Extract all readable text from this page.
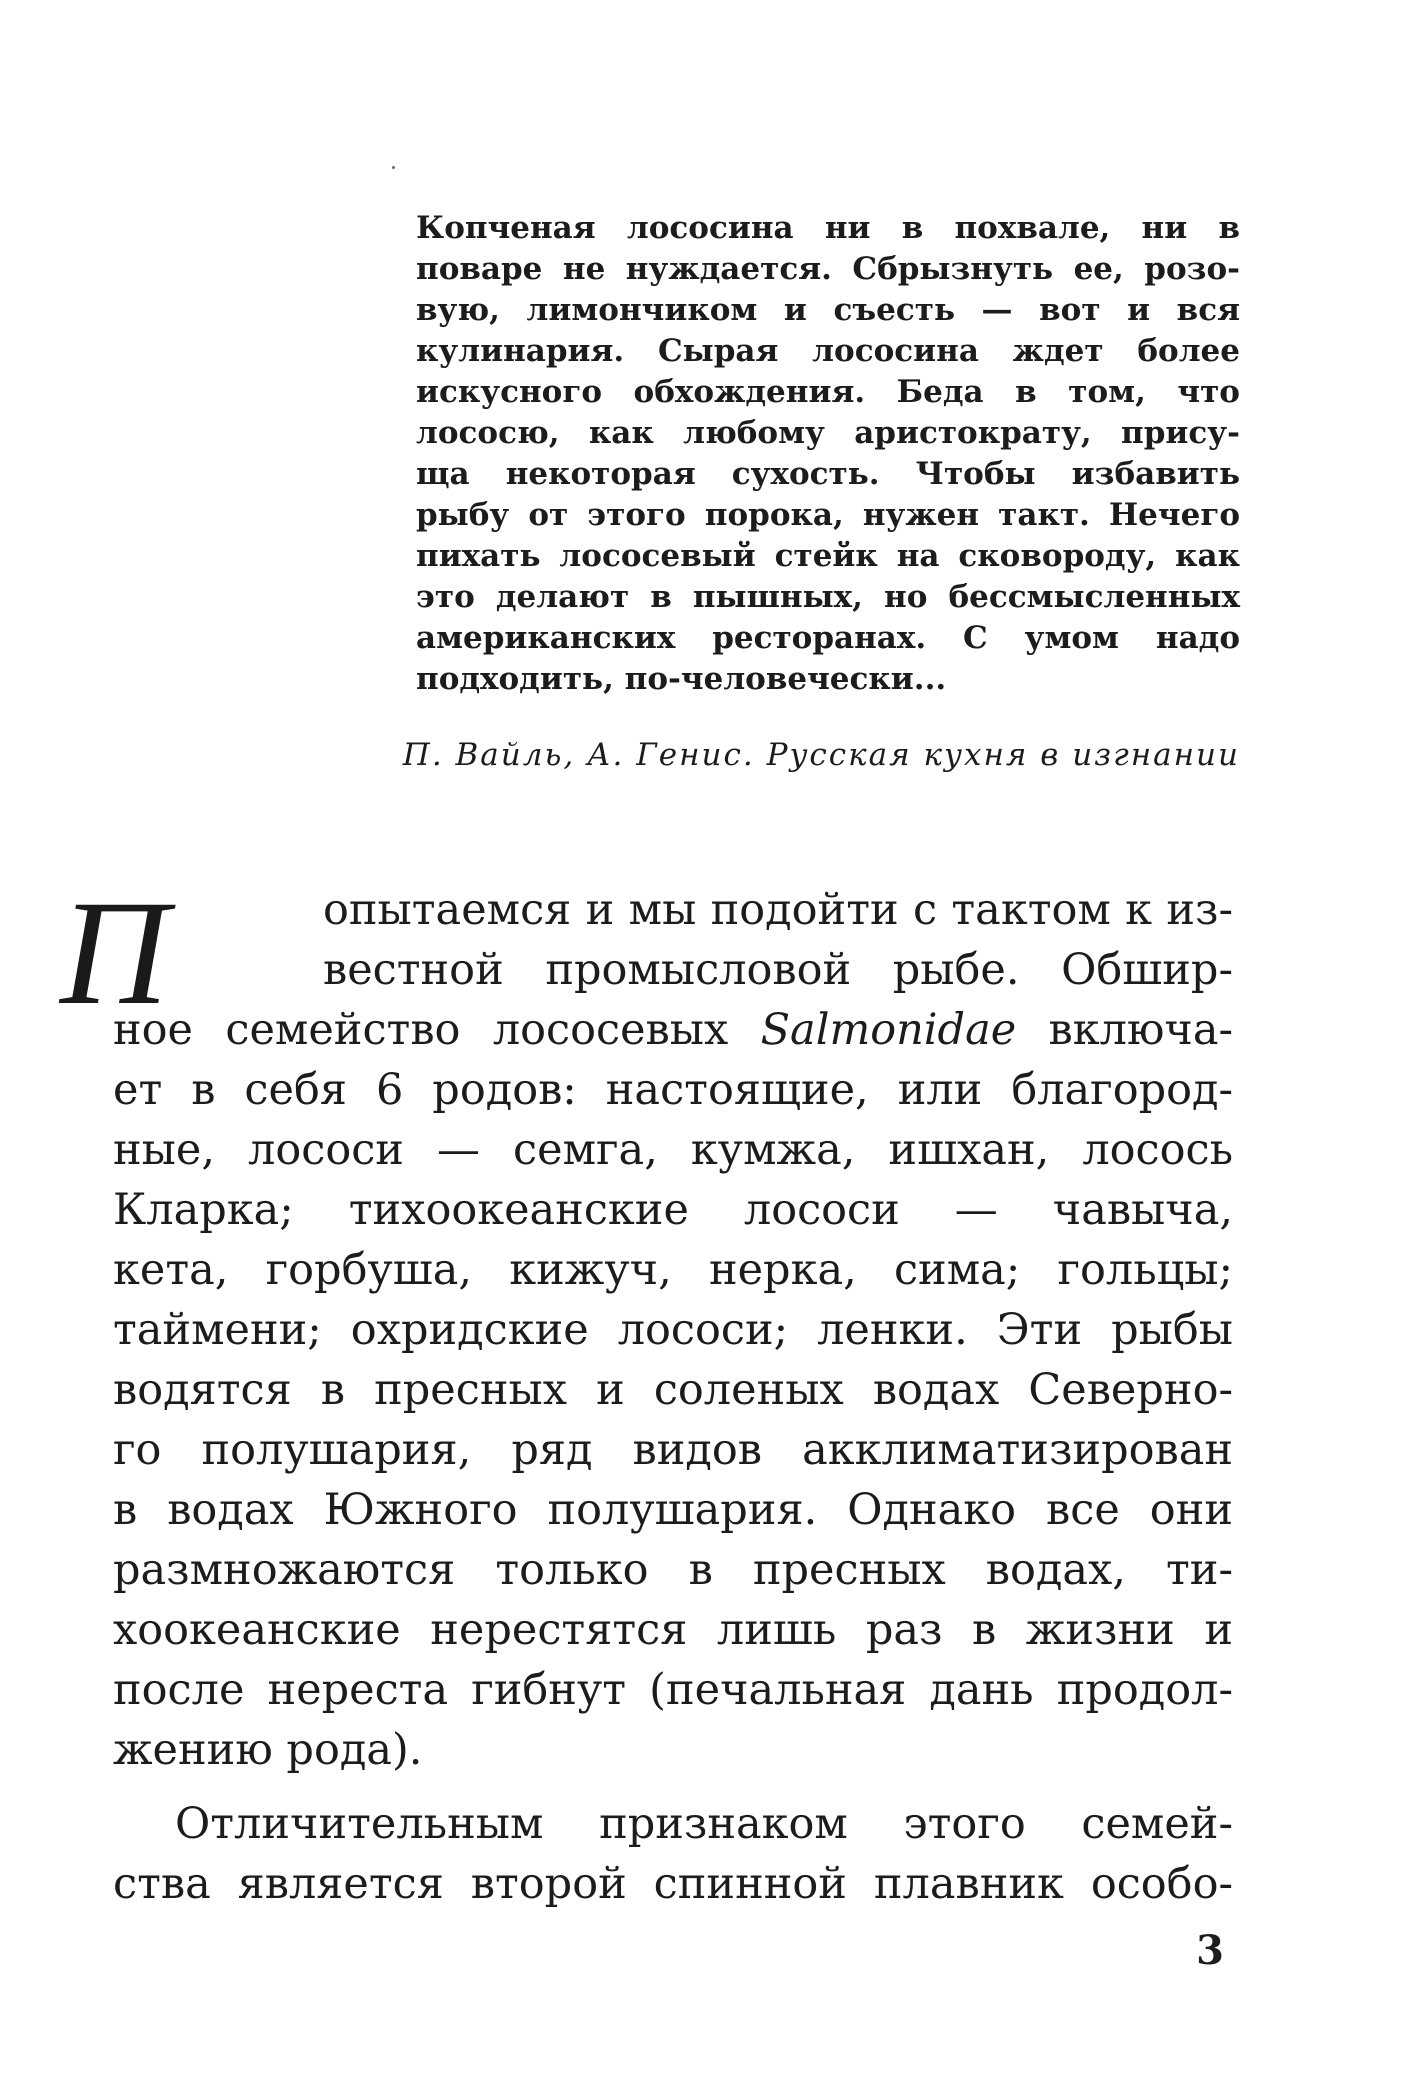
Копченая лососина ни в похвале, ни в
поваре не нуждается. Сбрызнуть ее, розо-
вую, лимончиком и съесть — вот и вся
кулинария. Сырая лососина ждет более
искусного обхождения. Беда в том, что
лососю, как любому аристократу, прису-
ща некоторая сухость. Чтобы избавить
рыбу от этого порока, нужен такт. Нечего
пихать лососевый стейк на сковороду, как
это делают в пышных, но бессмысленных
американских ресторанах. С умом надо
подходить, по-человечески...
П. Вайль, А. Генис. Русская кухня в изгнании
П	опытаемся и мы подойти с тактом к из-
вестной промысловой рыбе. Обшир-
ное семейство лососевых Salmonidae включа-
ет в себя 6 родов: настоящие, или благород-
ные, лососи — семга, кумжа, ишхан, лосось
Кларка; тихоокеанские лососи — чавыча,
кета, горбуша, кижуч, нерка, сима; гольцы;
таймени; охридские лососи; ленки. Эти рыбы
водятся в пресных и соленых водах Северно-
го полушария, ряд видов акклиматизирован
в водах Южного полушария. Однако все они
размножаются только в пресных водах, ти-
хоокеанские нерестятся лишь раз в жизни и
после нереста гибнут (печальная дань продол-
жению рода).
Отличительным признаком этого семей-
ства является второй спинной плавник особо-
3
